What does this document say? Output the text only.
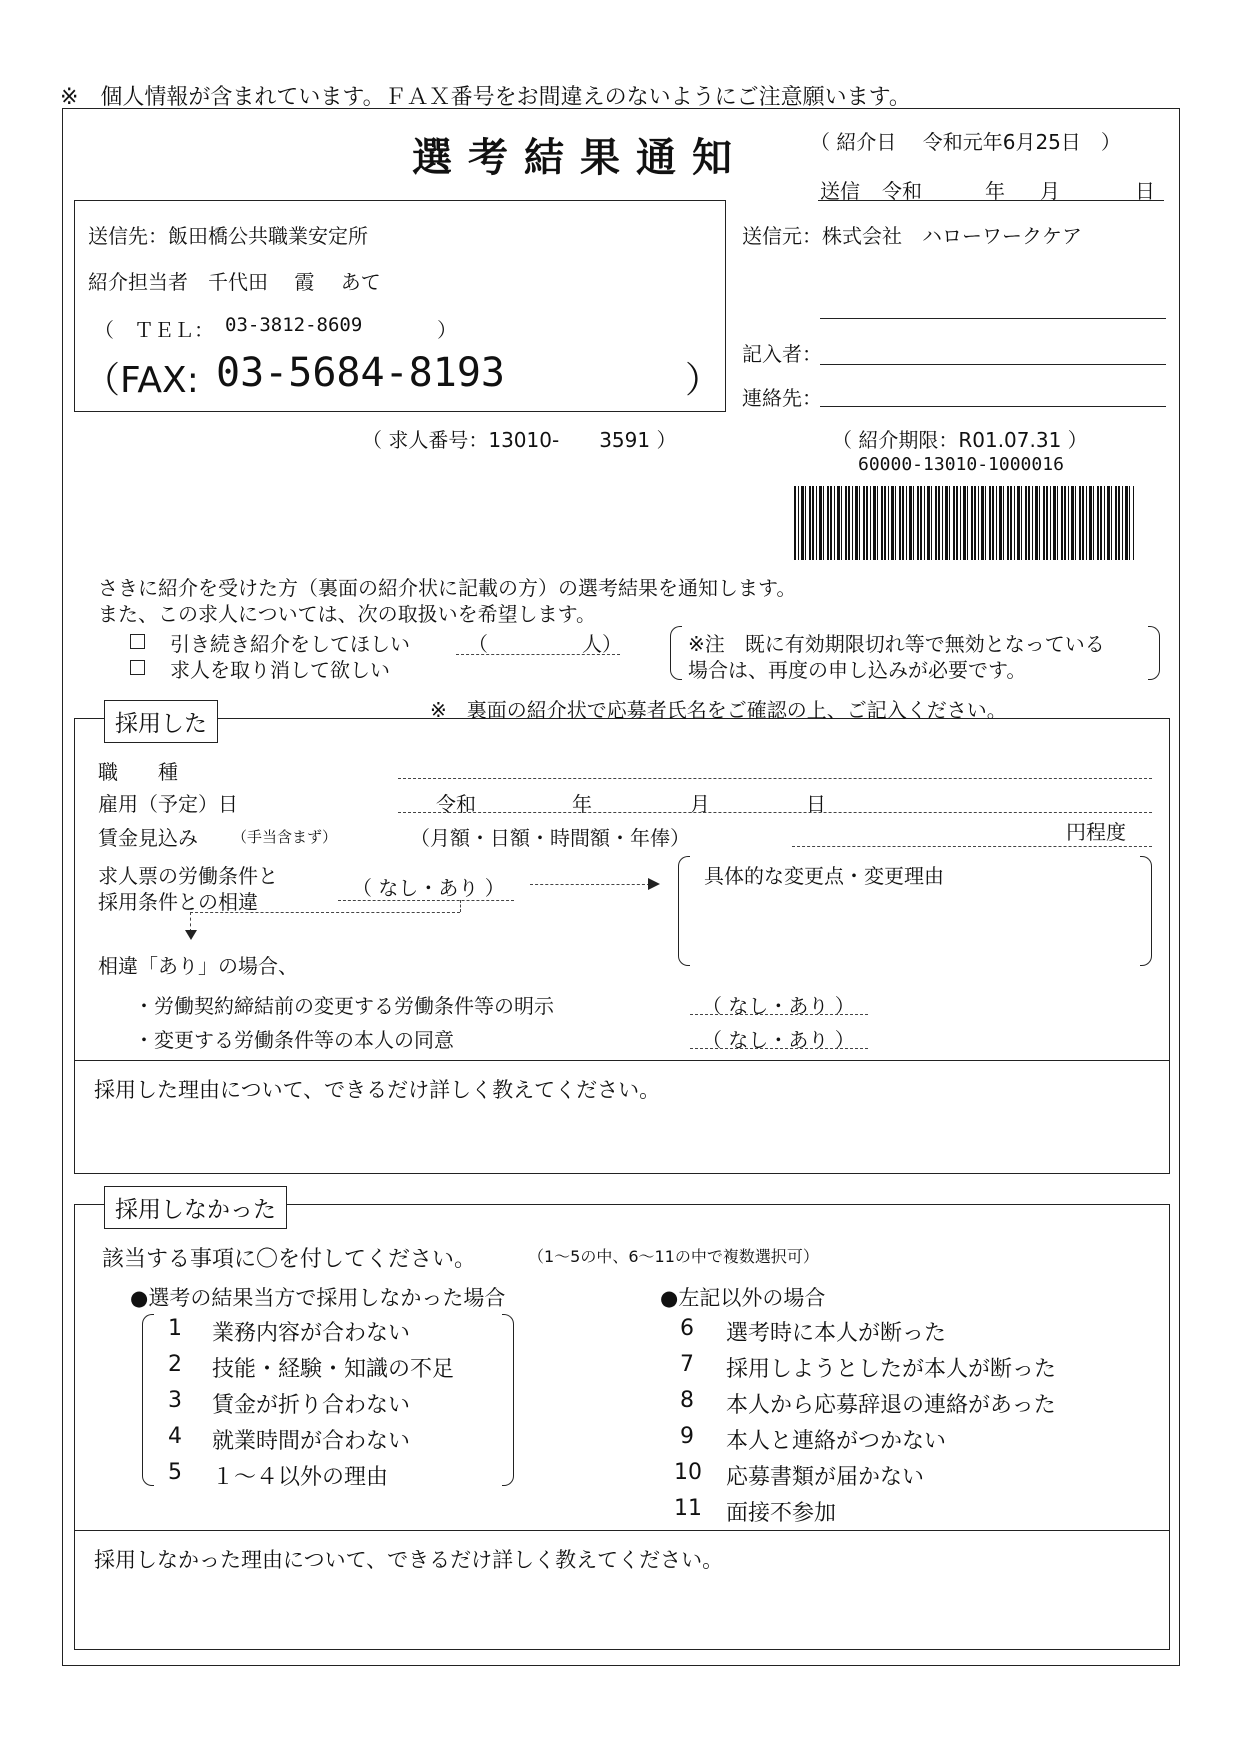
※　個人情報が含まれています。ＦＡＸ番号をお間違えのないようにご注意願います。
選考結果通知	（ 紹介日　 令和元年6月25日　）
送信 令和	年 月	日
送信先：飯田橋公共職業安定所
紹介担当者　千代田　 霞　 あて
（　ＴＥＬ： 03-3812-8609	）
（FAX: 03-5684-8193	）
送信元：株式会社　ハローワークケア
記入者：
連絡先：
（ 求人番号：13010-　　3591 ）	（ 紹介期限：R01.07.31 ）
60000-13010-1000016
さきに紹介を受けた方（裏面の紹介状に記載の方）の選考結果を通知します。
また、この求人については、次の取扱いを希望します。
引き続き紹介をしてほしい	（	人）
求人を取り消して欲しい
※注　既に有効期限切れ等で無効となっている
場合は、再度の申し込みが必要です。
採用した
※　裏面の紹介状で応募者氏名をご確認の上、ご記入ください。
職　　種
雇用（予定）日	令和	年	月	日
賃金見込み （手当含まず）	（月額・日額・時間額・年俸）	円程度
求人票の労働条件と
採用条件との相違
（ なし・あり ）	具体的な変更点・変更理由
相違「あり」の場合、
・労働契約締結前の変更する労働条件等の明示	（ なし・あり ）
・変更する労働条件等の本人の同意	（ なし・あり ）
採用した理由について、できるだけ詳しく教えてください。
採用しなかった
該当する事項に〇を付してください。	（1～5の中、6～11の中で複数選択可）
●選考の結果当方で採用しなかった場合	●左記以外の場合
1 業務内容が合わない
2 技能・経験・知識の不足
3 賃金が折り合わない
4 就業時間が合わない
5 １～４以外の理由
6 選考時に本人が断った
7 採用しようとしたが本人が断った
8 本人から応募辞退の連絡があった
9 本人と連絡がつかない
10 応募書類が届かない
11 面接不参加
採用しなかった理由について、できるだけ詳しく教えてください。
